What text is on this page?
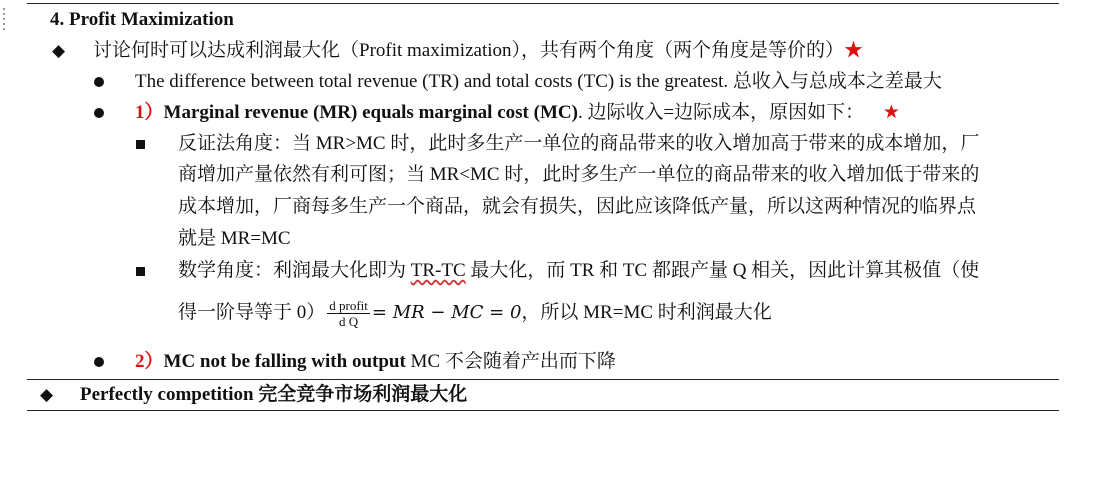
4. Profit Maximization
◆ 讨论何时可以达成利润最大化（Profit maximization），共有两个角度（两个角度是等价的）★
The difference between total revenue (TR) and total costs (TC) is the greatest. 总收入与总成本之差最大
1）Marginal revenue (MR) equals marginal cost (MC). 边际收入=边际成本，原因如下： ★
反证法角度：当 MR>MC 时，此时多生产一单位的商品带来的收入增加高于带来的成本增加，厂
商增加产量依然有利可图；当 MR<MC 时，此时多生产一单位的商品带来的收入增加低于带来的
成本增加，厂商每多生产一个商品，就会有损失，因此应该降低产量，所以这两种情况的临界点
就是 MR=MC
数学角度：利润最大化即为 TR-TC 最大化，而 TR 和 TC 都跟产量 Q 相关，因此计算其极值（使
得一阶导等于 $0) \frac{\text{d profit}}{\text{d Q}}$ = MR − MC = 0，所以 MR=MC 时利润最大化
2）MC not be falling with output MC 不会随着产出而下降
◆ Perfectly competition 完全竞争市场利润最大化
